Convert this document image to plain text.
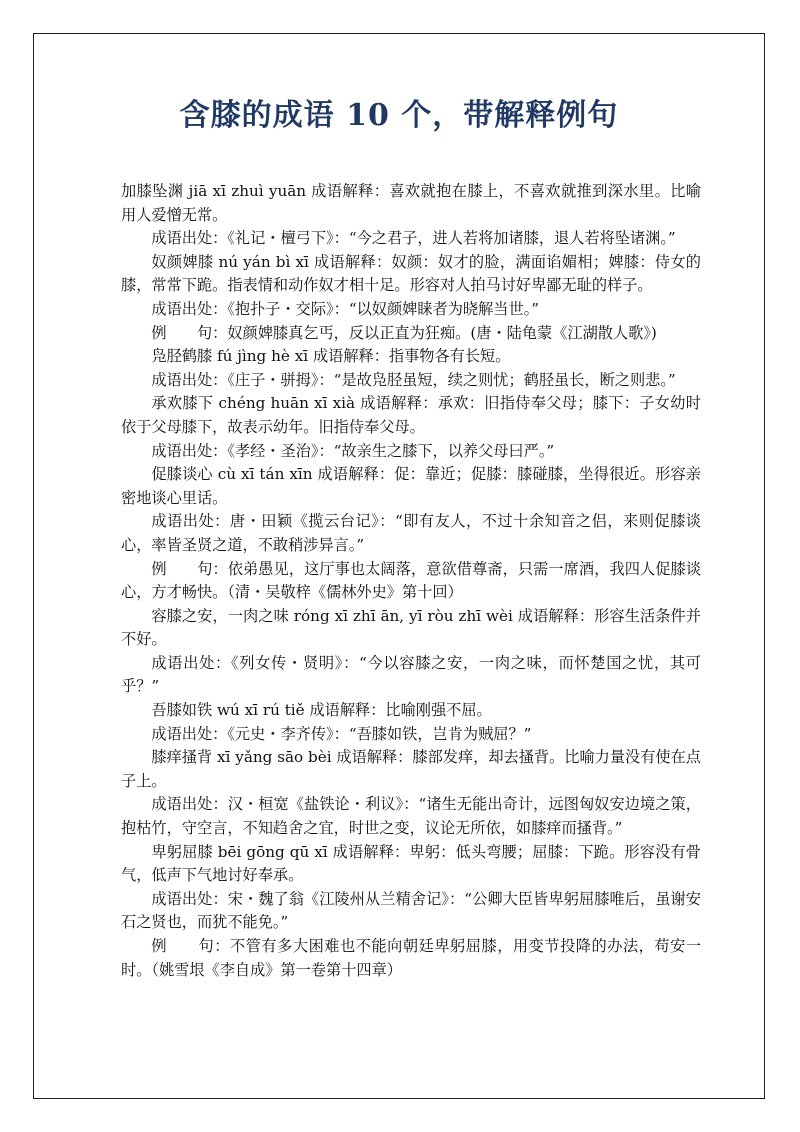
含膝的成语 10 个，带解释例句

加膝坠渊 jiā xī zhuì yuān 成语解释：喜欢就抱在膝上，不喜欢就推到深水里。比喻用人爱憎无常。

成语出处：《礼记・檀弓下》：“今之君子，进人若将加诸膝，退人若将坠诸渊。”

奴颜婢膝 nú yán bì xī 成语解释：奴颜：奴才的脸，满面谄媚相；婢膝：侍女的膝，常常下跪。指表情和动作奴才相十足。形容对人拍马讨好卑鄙无耻的样子。

成语出处：《抱扑子・交际》：“以奴颜婢睐者为晓解当世。”

例　　句：奴颜婢膝真乞丐，反以正直为狂痴。(唐・陆龟蒙《江湖散人歌》)

凫胫鹤膝 fú jìng hè xī 成语解释：指事物各有长短。

成语出处：《庄子・骈拇》：“是故凫胫虽短，续之则忧；鹤胫虽长，断之则悲。”

承欢膝下 chéng huān xī xià 成语解释：承欢：旧指侍奉父母；膝下：子女幼时依于父母膝下，故表示幼年。旧指侍奉父母。

成语出处：《孝经・圣治》：“故亲生之膝下，以养父母曰严。”

促膝谈心 cù xī tán xīn 成语解释：促：靠近；促膝：膝碰膝，坐得很近。形容亲密地谈心里话。

成语出处：唐・田颖《揽云台记》：“即有友人，不过十余知音之侣，来则促膝谈心，率皆圣贤之道，不敢稍涉异言。”

例　　句：依弟愚见，这厅事也太阔落，意欲借尊斋，只需一席酒，我四人促膝谈心，方才畅快。（清・吴敬梓《儒林外史》第十回）

容膝之安，一肉之味 róng xī zhī ān, yī ròu zhī wèi 成语解释：形容生活条件并不好。

成语出处：《列女传・贤明》：“今以容膝之安，一肉之味，而怀楚国之忧，其可乎？”

吾膝如铁 wú xī rú tiě 成语解释：比喻刚强不屈。

成语出处：《元史・李齐传》：“吾膝如铁，岂肯为贼屈？”

膝痒搔背 xī yǎng sāo bèi 成语解释：膝部发痒，却去搔背。比喻力量没有使在点子上。

成语出处：汉・桓宽《盐铁论・利议》：“诸生无能出奇计，远图匈奴安边境之策，抱枯竹，守空言，不知趋舍之宜，时世之变，议论无所依，如膝痒而搔背。”

卑躬屈膝 bēi gōng qū xī 成语解释：卑躬：低头弯腰；屈膝：下跪。形容没有骨气，低声下气地讨好奉承。

成语出处：宋・魏了翁《江陵州从兰精舍记》：“公卿大臣皆卑躬屈膝唯后，虽谢安石之贤也，而犹不能免。”

例　　句：不管有多大困难也不能向朝廷卑躬屈膝，用变节投降的办法，苟安一时。（姚雪垠《李自成》第一卷第十四章）
